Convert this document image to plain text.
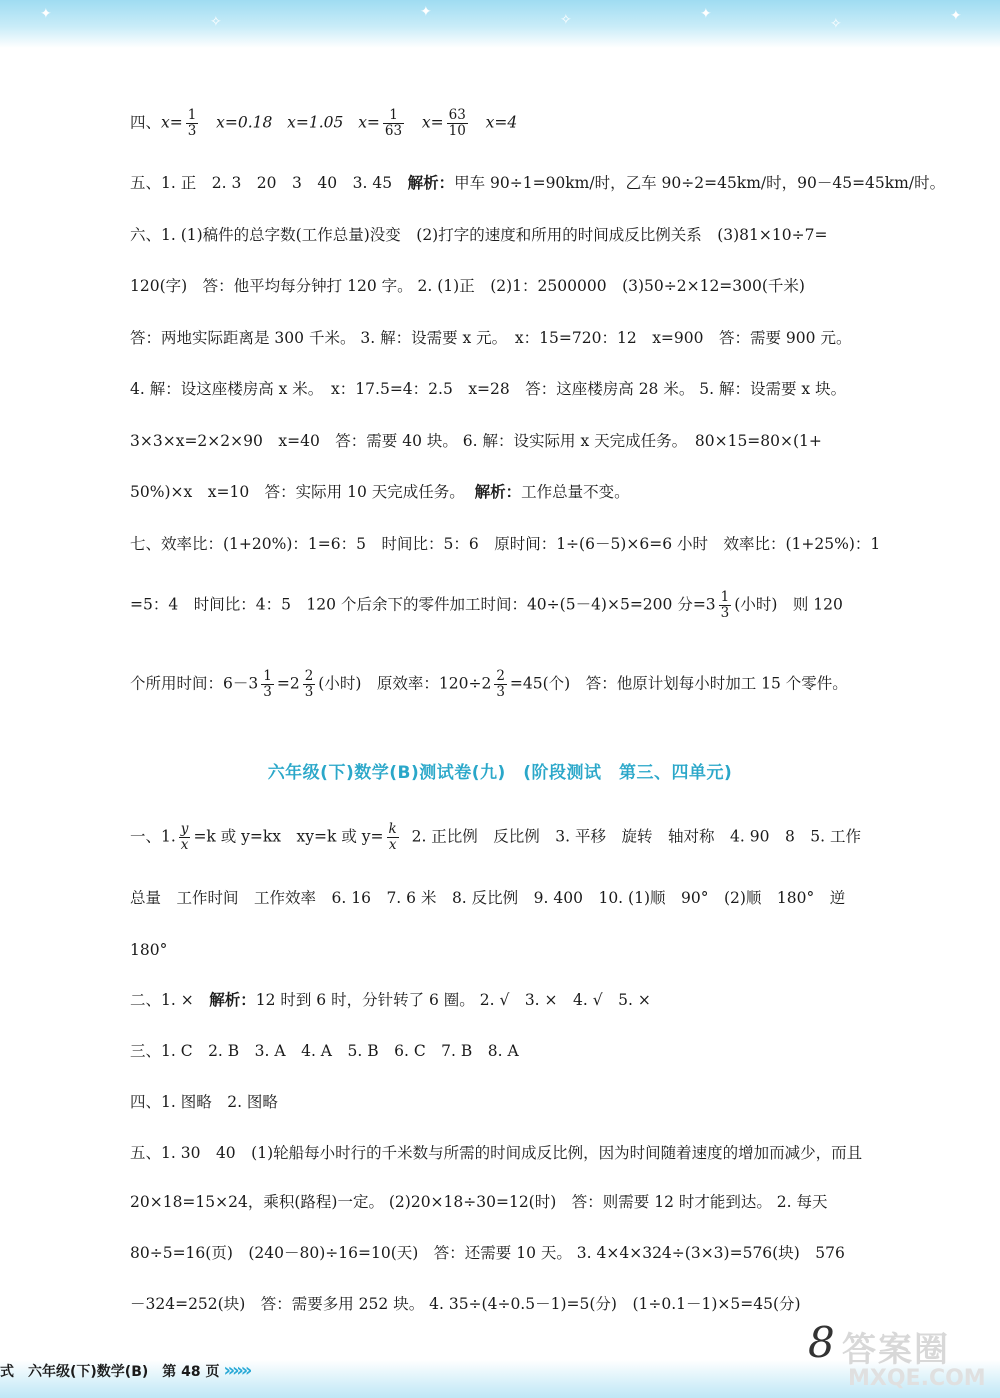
✦	✧
✦	✧	✦
✧	✦
四、$x= \frac{1}{3} x=0.18$ x=1.05 $x= \frac{1}{63} x= \frac{63}{10} x=4$
五、1. 正　2. 3　20　3　40　3. 45　解析：甲车 90÷1=90km/时，乙车 90÷2=45km/时，90－45=45km/时。
六、1. (1)稿件的总字数(工作总量)没变　(2)打字的速度和所用的时间成反比例关系　(3)81×10÷7=
120(字)　答：他平均每分钟打 120 字。 2. (1)正　(2)1：2500000　(3)50÷2×12=300(千米)
答：两地实际距离是 300 千米。 3. 解：设需要 x 元。　x：15=720：12　x=900　答：需要 900 元。
4. 解：设这座楼房高 x 米。　x：17.5=4：2.5　x=28　答：这座楼房高 28 米。 5. 解：设需要 x 块。
3×3×x=2×2×90　x=40　答：需要 40 块。 6. 解：设实际用 x 天完成任务。　80×15=80×(1+
50%)×x　x=10　答：实际用 10 天完成任务。 解析：工作总量不变。
七、效率比：(1+20%)：1=6：5　时间比：5：6　原时间：1÷(6－5)×6=6 小时　效率比：(1+25%)：1
=5：4　时间比：4：5　120 个后余下的零件加工时间：40÷(5－4)×5=200 分$=3 \frac{1}{3}$ (小时)　则 120
个所用时间：$6-3 \frac{1}{3} =2 \frac{2}{3}$ (小时)　原效率：$120\div 2 \frac{2}{3} =45$(个)　答：他原计划每小时加工 15 个零件。
六年级(下)数学(B)测试卷(九)　(阶段测试　第三、四单元)
一、1. $\frac{y}{x} =k$ 或 y=kx　xy=k 或 $y= \frac{k}{x} 2$. 正比例　反比例　3. 平移　旋转　轴对称　4. 90　8　5. 工作
总量　工作时间　工作效率　6. 16　7. 6 米　8. 反比例　9. 400　10. (1)顺　90°　(2)顺　180°　逆
180°
二、1. ×　解析：12 时到 6 时，分针转了 6 圈。 2. √　3. ×　4. √　5. ×
三、1. C　2. B　3. A　4. A　5. B　6. C　7. B　8. A
四、1. 图略　2. 图略
五、1. 30　40　(1)轮船每小时行的千米数与所需的时间成反比例，因为时间随着速度的增加而减少，而且
20×18=15×24，乘积(路程)一定。 (2)20×18÷30=12(时)　答：则需要 12 时才能到达。 2. 每天
80÷5=16(页)　(240－80)÷16=10(天)　答：还需要 10 天。 3. 4×4×324÷(3×3)=576(块)　576
－324=252(块)　答：需要多用 252 块。 4. 35÷(4÷0.5－1)=5(分)　(1÷0.1－1)×5=45(分)
式　六年级(下)数学(B)　第 48 页 »»»
答案圈
MXQE.COM
8
